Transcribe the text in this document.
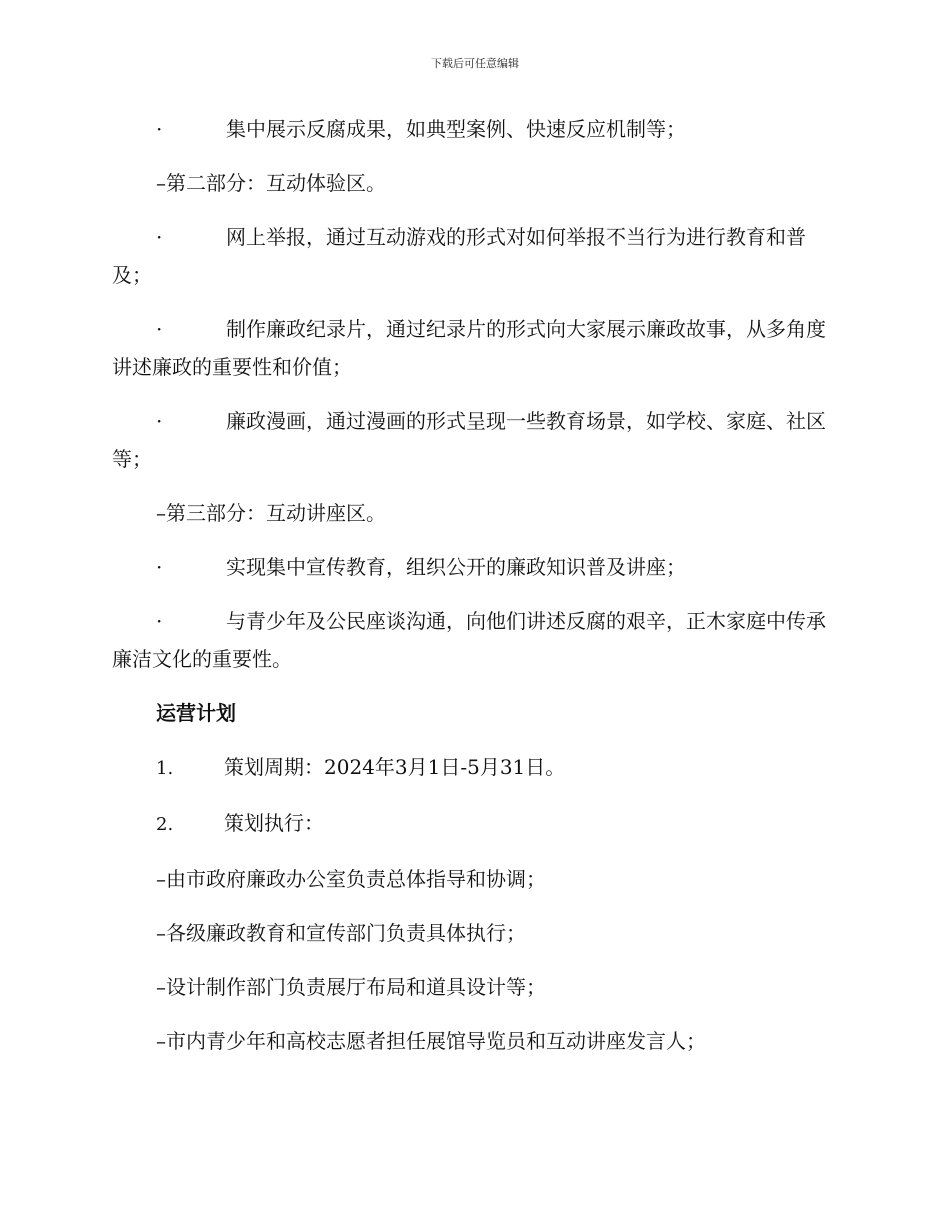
下载后可任意编辑

·	集中展示反腐成果，如典型案例、快速反应机制等；

–第二部分：互动体验区。

·	网上举报，通过互动游戏的形式对如何举报不当行为进行教育和普及；

·	制作廉政纪录片，通过纪录片的形式向大家展示廉政故事，从多角度讲述廉政的重要性和价值；

·	廉政漫画，通过漫画的形式呈现一些教育场景，如学校、家庭、社区等；

–第三部分：互动讲座区。

·	实现集中宣传教育，组织公开的廉政知识普及讲座；

·	与青少年及公民座谈沟通，向他们讲述反腐的艰辛，正木家庭中传承廉洁文化的重要性。

运营计划

1.	策划周期：2024年3月1日-5月31日。

2.	策划执行：

–由市政府廉政办公室负责总体指导和协调；

–各级廉政教育和宣传部门负责具体执行；

–设计制作部门负责展厅布局和道具设计等；

–市内青少年和高校志愿者担任展馆导览员和互动讲座发言人；
